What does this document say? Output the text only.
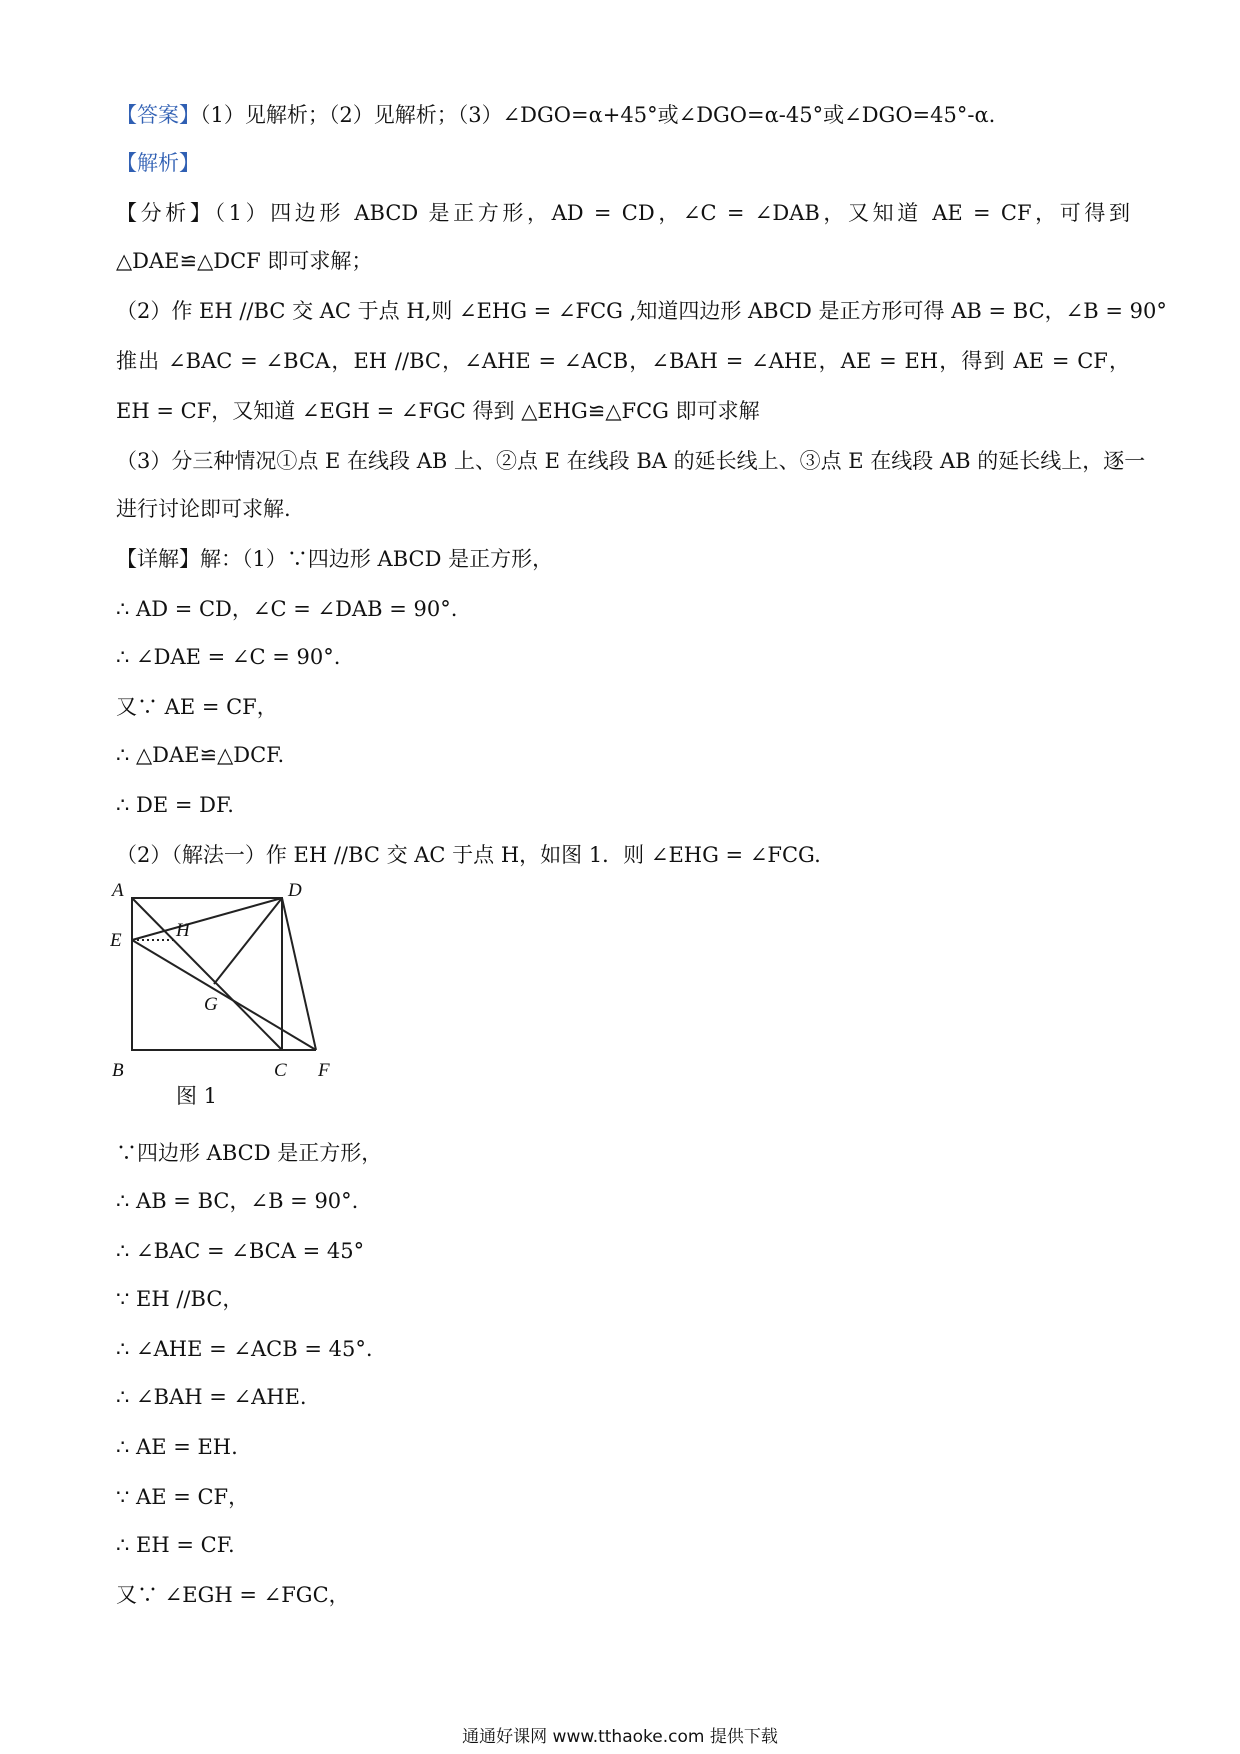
【答案】（1）见解析；（2）见解析；（3）∠DGO=α+45°或∠DGO=α-45°或∠DGO=45°-α.
【解析】
【分析】（1）四边形 ABCD 是正方形，AD = CD，∠C = ∠DAB，又知道 AE = CF，可得到
△DAE≌△DCF 即可求解；
（2）作 EH //BC 交 AC 于点 H,则 ∠EHG = ∠FCG ,知道四边形 ABCD 是正方形可得 AB = BC，∠B = 90°
推出 ∠BAC = ∠BCA，EH //BC，∠AHE = ∠ACB，∠BAH = ∠AHE，AE = EH，得到 AE = CF，
EH = CF，又知道 ∠EGH = ∠FGC 得到 △EHG≌△FCG 即可求解
（3）分三种情况①点 E 在线段 AB 上、②点 E 在线段 BA 的延长线上、③点 E 在线段 AB 的延长线上，逐一
进行讨论即可求解.
【详解】解：（1）∵四边形 ABCD 是正方形，
∴ AD = CD，∠C = ∠DAB = 90°.
∴ ∠DAE = ∠C = 90°.
又∵ AE = CF，
∴ △DAE≌△DCF.
∴ DE = DF.
（2）（解法一）作 EH //BC 交 AC 于点 H，如图 1．则 ∠EHG = ∠FCG.
A
B	C
D
E
F
G
H
图 1
∵四边形 ABCD 是正方形，
∴ AB = BC，∠B = 90°.
∴ ∠BAC = ∠BCA = 45°
∵ EH //BC，
∴ ∠AHE = ∠ACB = 45°.
∴ ∠BAH = ∠AHE.
∴ AE = EH.
∵ AE = CF，
∴ EH = CF.
又∵ ∠EGH = ∠FGC，
通通好课网 www.tthaoke.com 提供下载
